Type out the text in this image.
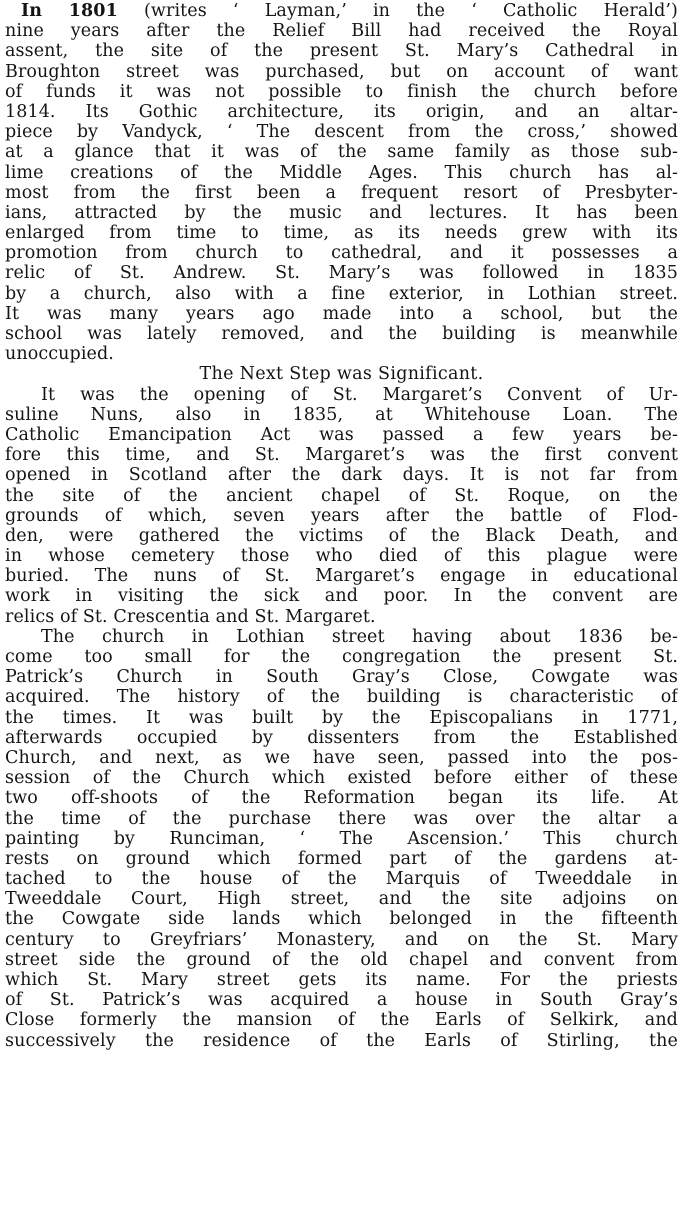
In 1801 (writes ‘ Layman,’ in the ‘ Catholic Herald’)
nine years after the Relief Bill had received the Royal
assent, the site of the present St. Mary’s Cathedral in
Broughton street was purchased, but on account of want
of funds it was not possible to finish the church before
1814. Its Gothic architecture, its origin, and an altar-
piece by Vandyck, ‘ The descent from the cross,’ showed
at a glance that it was of the same family as those sub-
lime creations of the Middle Ages. This church has al-
most from the first been a frequent resort of Presbyter-
ians, attracted by the music and lectures. It has been
enlarged from time to time, as its needs grew with its
promotion from church to cathedral, and it possesses a
relic of St. Andrew. St. Mary’s was followed in 1835
by a church, also with a fine exterior, in Lothian street.
It was many years ago made into a school, but the
school was lately removed, and the building is meanwhile
unoccupied.
The Next Step was Significant.
It was the opening of St. Margaret’s Convent of Ur-
suline Nuns, also in 1835, at Whitehouse Loan. The
Catholic Emancipation Act was passed a few years be-
fore this time, and St. Margaret’s was the first convent
opened in Scotland after the dark days. It is not far from
the site of the ancient chapel of St. Roque, on the
grounds of which, seven years after the battle of Flod-
den, were gathered the victims of the Black Death, and
in whose cemetery those who died of this plague were
buried. The nuns of St. Margaret’s engage in educational
work in visiting the sick and poor. In the convent are
relics of St. Crescentia and St. Margaret.
The church in Lothian street having about 1836 be-
come too small for the congregation the present St.
Patrick’s Church in South Gray’s Close, Cowgate was
acquired. The history of the building is characteristic of
the times. It was built by the Episcopalians in 1771,
afterwards occupied by dissenters from the Established
Church, and next, as we have seen, passed into the pos-
session of the Church which existed before either of these
two off-shoots of the Reformation began its life. At
the time of the purchase there was over the altar a
painting by Runciman, ‘ The Ascension.’ This church
rests on ground which formed part of the gardens at-
tached to the house of the Marquis of Tweeddale in
Tweeddale Court, High street, and the site adjoins on
the Cowgate side lands which belonged in the fifteenth
century to Greyfriars’ Monastery, and on the St. Mary
street side the ground of the old chapel and convent from
which St. Mary street gets its name. For the priests
of St. Patrick’s was acquired a house in South Gray’s
Close formerly the mansion of the Earls of Selkirk, and
successively the residence of the Earls of Stirling, the
